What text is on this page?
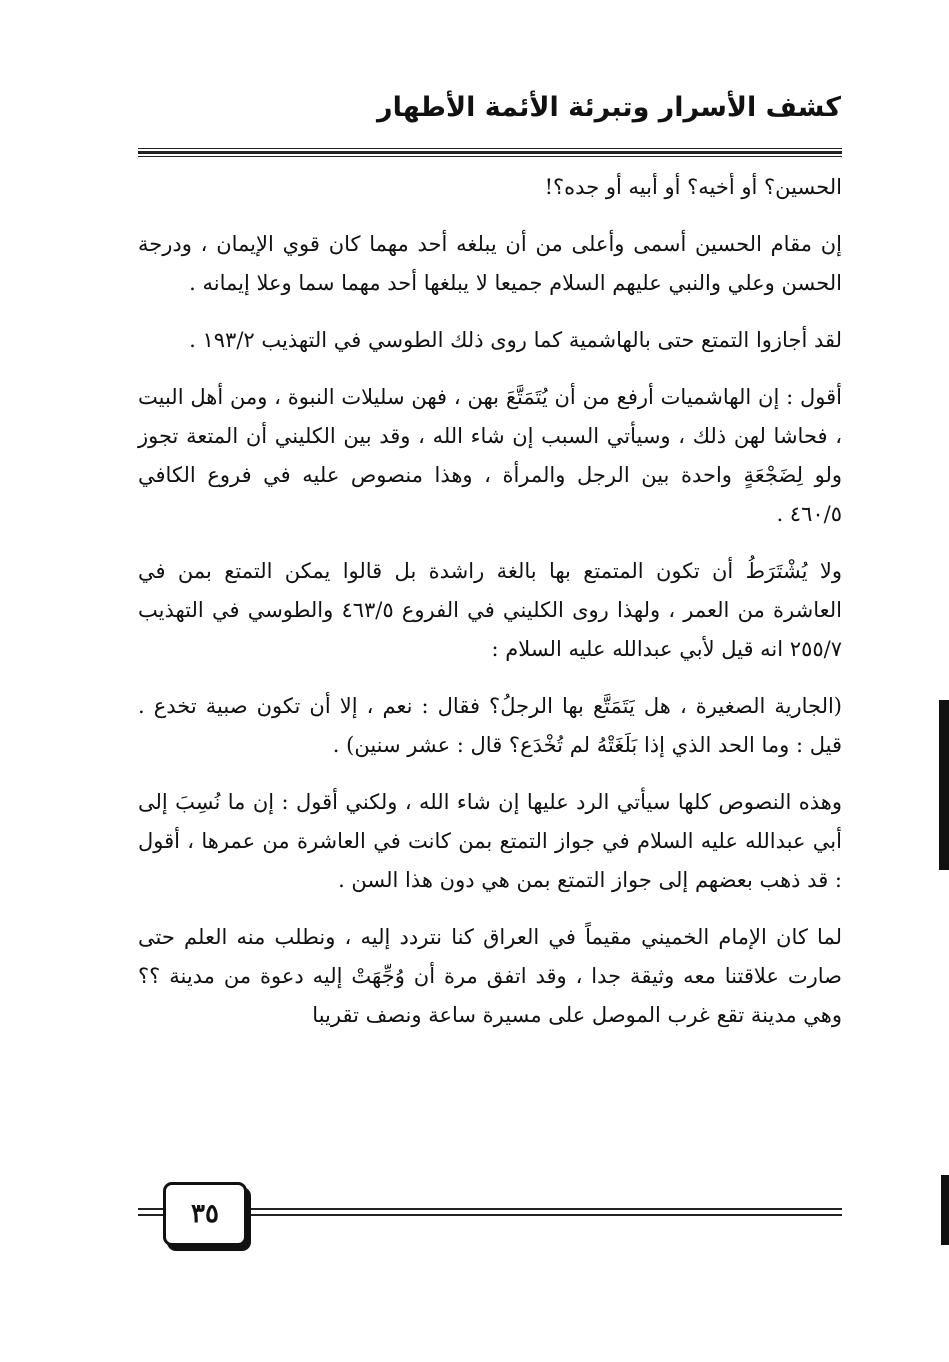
كشف الأسرار وتبرئة الأئمة الأطهار

الحسين؟ أو أخيه؟ أو أبيه أو جده؟!

إن مقام الحسين أسمى وأعلى من أن يبلغه أحد مهما كان قوي الإيمان ، ودرجة الحسن وعلي والنبي عليهم السلام جميعا لا يبلغها أحد مهما سما وعلا إيمانه .

لقد أجازوا التمتع حتى بالهاشمية كما روى ذلك الطوسي في التهذيب ١٩٣/٢ .

أقول : إن الهاشميات أرفع من أن يُتَمَتَّعَ بهن ، فهن سليلات النبوة ، ومن أهل البيت ، فحاشا لهن ذلك ، وسيأتي السبب إن شاء الله ، وقد بين الكليني أن المتعة تجوز ولو لِضَجْعَةٍ واحدة بين الرجل والمرأة ، وهذا منصوص عليه في فروع الكافي ٤٦٠/٥ .

ولا يُشْتَرَطُ أن تكون المتمتع بها بالغة راشدة بل قالوا يمكن التمتع بمن في العاشرة من العمر ، ولهذا روى الكليني في الفروع ٤٦٣/٥ والطوسي في التهذيب ٢٥٥/٧ انه قيل لأبي عبدالله عليه السلام :

(الجارية الصغيرة ، هل يَتَمَتَّع بها الرجلُ؟ فقال : نعم ، إلا أن تكون صبية تخدع . قيل : وما الحد الذي إذا بَلَغَتْهُ لم تُخْدَع؟ قال : عشر سنين) .

وهذه النصوص كلها سيأتي الرد عليها إن شاء الله ، ولكني أقول : إن ما نُسِبَ إلى أبي عبدالله عليه السلام في جواز التمتع بمن كانت في العاشرة من عمرها ، أقول : قد ذهب بعضهم إلى جواز التمتع بمن هي دون هذا السن .

لما كان الإمام الخميني مقيماً في العراق كنا نتردد إليه ، ونطلب منه العلم حتى صارت علاقتنا معه وثيقة جدا ، وقد اتفق مرة أن وُجِّهَتْ إليه دعوة من مدينة ؟؟ وهي مدينة تقع غرب الموصل على مسيرة ساعة ونصف تقريبا

٣٥
